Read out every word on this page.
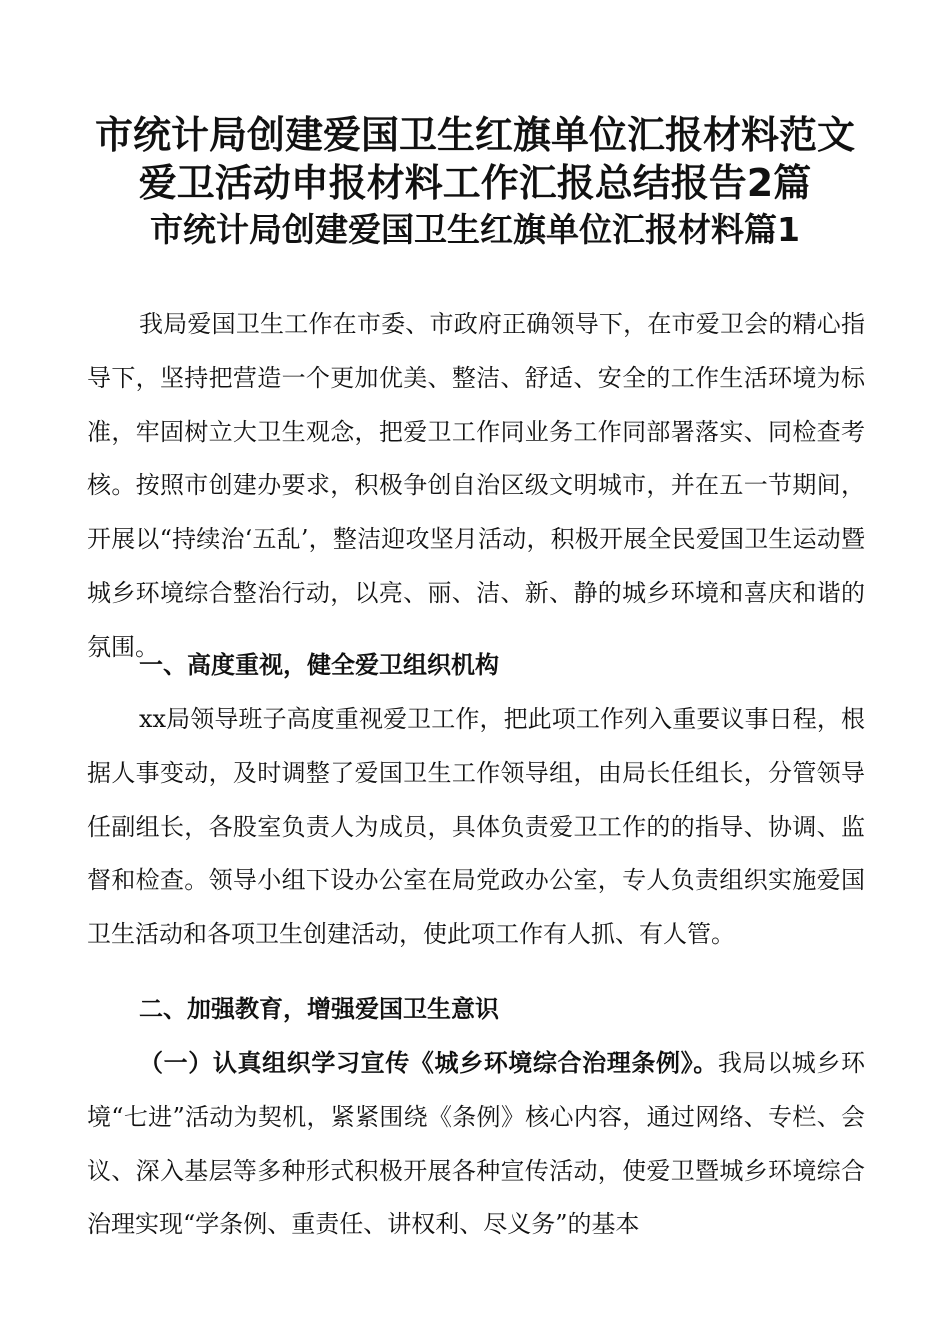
市统计局创建爱国卫生红旗单位汇报材料范文
爱卫活动申报材料工作汇报总结报告2篇
市统计局创建爱国卫生红旗单位汇报材料篇1

我局爱国卫生工作在市委、市政府正确领导下，在市爱卫会的精心指导下，坚持把营造一个更加优美、整洁、舒适、安全的工作生活环境为标准，牢固树立大卫生观念，把爱卫工作同业务工作同部署落实、同检查考核。按照市创建办要求，积极争创自治区级文明城市，并在五一节期间，开展以“持续治‘五乱’，整洁迎攻坚月活动，积极开展全民爱国卫生运动暨城乡环境综合整治行动，以亮、丽、洁、新、静的城乡环境和喜庆和谐的氛围。

一、高度重视，健全爱卫组织机构

xx局领导班子高度重视爱卫工作，把此项工作列入重要议事日程，根据人事变动，及时调整了爱国卫生工作领导组，由局长任组长，分管领导任副组长，各股室负责人为成员，具体负责爱卫工作的的指导、协调、监督和检查。领导小组下设办公室在局党政办公室，专人负责组织实施爱国卫生活动和各项卫生创建活动，使此项工作有人抓、有人管。

二、加强教育，增强爱国卫生意识

（一）认真组织学习宣传《城乡环境综合治理条例》。我局以城乡环境“七进”活动为契机，紧紧围绕《条例》核心内容，通过网络、专栏、会议、深入基层等多种形式积极开展各种宣传活动，使爱卫暨城乡环境综合治理实现“学条例、重责任、讲权利、尽义务”的基本
